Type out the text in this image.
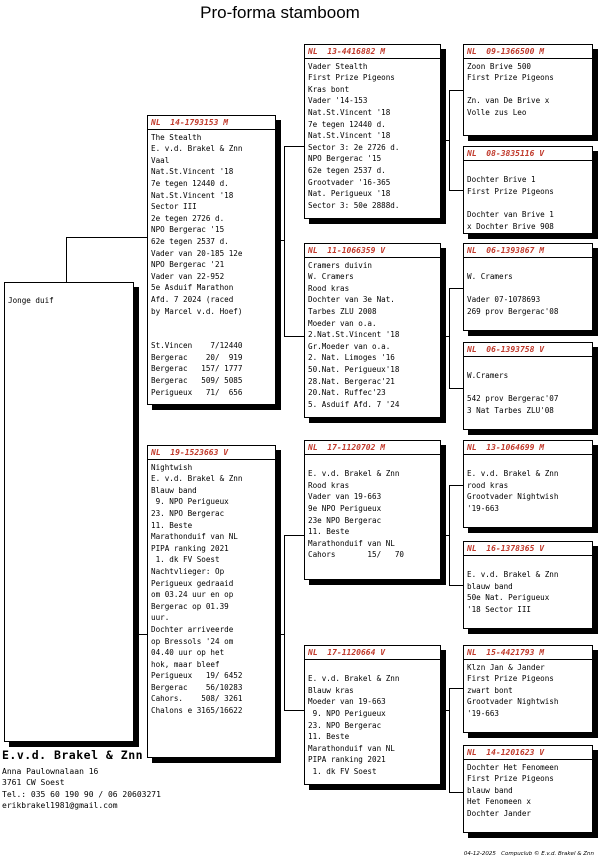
Pro-forma stamboom
Jonge duif
NL  14-1793153 M
The Stealth
E. v.d. Brakel & Znn
Vaal
Nat.St.Vincent '18
7e tegen 12440 d.
Nat.St.Vincent '18
Sector III
2e tegen 2726 d.
NPO Bergerac '15
62e tegen 2537 d.
Vader van 20-185 12e
NPO Bergerac '21
Vader van 22-952
5e Asduif Marathon
Afd. 7 2024 (raced
by Marcel v.d. Hoef)
St.Vincen    7/12440
Bergerac    20/  919
Bergerac   157/ 1777
Bergerac   509/ 5085
Perigueux   71/  656
NL  19-1523663 V
Nightwish
E. v.d. Brakel & Znn
Blauw band
9. NPO Perigueux
23. NPO Bergerac
11. Beste
Marathonduif van NL
PIPA ranking 2021
1. dk FV Soest
Nachtvlieger: Op
Perigueux gedraaid
om 03.24 uur en op
Bergerac op 01.39
uur.
Dochter arriveerde
op Bressols '24 om
04.40 uur op het
hok, maar bleef
Perigueux   19/ 6452
Bergerac    56/10283
Cahors.    508/ 3261
Chalons e 3165/16622
NL  13-4416882 M
Vader Stealth
First Prize Pigeons
Kras bont
Vader '14-153
Nat.St.Vincent '18
7e tegen 12440 d.
Nat.St.Vincent '18
Sector 3: 2e 2726 d.
NPO Bergerac '15
62e tegen 2537 d.
Grootvader '16-365
Nat. Perigueux '18
Sector 3: 50e 2888d.
NL  11-1066359 V
Cramers duivin
W. Cramers
Rood kras
Dochter van 3e Nat.
Tarbes ZLU 2008
Moeder van o.a.
2.Nat.St.Vincent '18
Gr.Moeder van o.a.
2. Nat. Limoges '16
50.Nat. Perigueux'18
28.Nat. Bergerac'21
20.Nat. Ruffec'23
5. Asduif Afd. 7 '24
NL  17-1120702 M
E. v.d. Brakel & Znn
Rood kras
Vader van 19-663
9e NPO Perigueux
23e NPO Bergerac
11. Beste
Marathonduif van NL
Cahors       15/   70
NL  17-1120664 V
E. v.d. Brakel & Znn
Blauw kras
Moeder van 19-663
9. NPO Perigueux
23. NPO Bergerac
11. Beste
Marathonduif van NL
PIPA ranking 2021
1. dk FV Soest
NL  09-1366500 M
Zoon Brive 500
First Prize Pigeons
Zn. van De Brive x
Volle zus Leo
NL  08-3835116 V
Dochter Brive 1
First Prize Pigeons
Dochter van Brive 1
x Dochter Brive 908
NL  06-1393867 M
W. Cramers
Vader 07-1078693
269 prov Bergerac'08
NL  06-1393758 V
W.Cramers
542 prov Bergerac'07
3 Nat Tarbes ZLU'08
NL  13-1064699 M
E. v.d. Brakel & Znn
rood kras
Grootvader Nightwish
'19-663
NL  16-1378365 V
E. v.d. Brakel & Znn
blauw band
50e Nat. Perigueux
'18 Sector III
NL  15-4421793 M
Klzn Jan & Jander
First Prize Pigeons
zwart bont
Grootvader Nightwish
'19-663
NL  14-1201623 V
Dochter Het Fenomeen
First Prize Pigeons
blauw band
Het Fenomeen x
Dochter Jander
E.v.d. Brakel & Znn
Anna Paulownalaan 16
3761 CW Soest
Tel.: 035 60 190 90 / 06 20603271
erikbrakel1981@gmail.com
04-12-2025 Compuclub © E.v.d. Brakel & Znn
